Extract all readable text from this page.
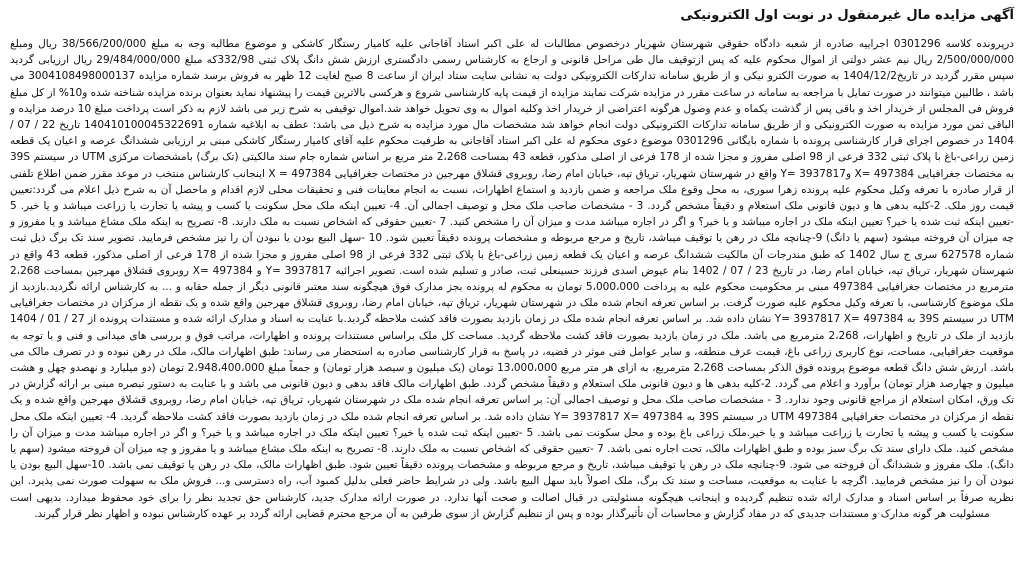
آگهی مزایده مال غیرمنقول در نوبت اول الکترونیکی

درپرونده کلاسه 0301296 اجراییه صادره از شعبه دادگاه حقوقی شهرستان شهریار درخصوص مطالبات له علی اکبر استاد آقاجانی علیه کامیار رستگار کاشکی و موضوع مطالبه وجه به مبلغ 38/566/200/000 ریال ومبلغ 2/500/000/000 ریال نیم عشر دولتی از اموال محکوم علیه که پس ازتوقیف مال طی مراحل قانونی و ارجاع به کارشناس رسمی دادگستری ارزش شش دانگ پلاک ثبتی 332/98که مبلغ 29/484/000/000 ریال ارزیابی گردید سپس مقرر گردید در تاریخ1404/12/2 به صورت الکترو نیکی و از طریق سامانه تدارکات الکترونیکی دولت به نشانی سایت ستاد ایران از ساعت 8 صبح لغایت 12 ظهر به فروش برسد شماره مزایده 3004108498000137 می باشد ، طالبین میتوانند در صورت تمایل با مراجعه به سامانه در ساعت مقرر در مزایده شرکت نمایند مزایده از قیمت پایه کارشناسی شروع و هرکسی بالاترین قیمت را پیشنهاد نماید بعنوان برنده مزایده شناخته شده و10% از کل مبلغ فروش فی المجلس از خریدار اخذ و باقی پس از گذشت یکماه و عدم وصول هرگونه اعتراضی از خریدار اخذ وکلیه اموال به وی تحویل خواهد شد.اموال توقیفی به شرح زیر می باشد لازم به ذکر است پرداخت مبلغ 10 درصد مزایده و الباقی ثمن مورد مزایده به صورت الکترونیکی و از طریق سامانه تدارکات الکترونیکی دولت انجام خواهد شد مشخصات مال مورد مزایده به شرح ذیل می باشد: عطف به ابلاغیه شماره 140410100045322691 تاریخ 22 / 07 / 1404 در خصوص اجرای قرار کارشناسی پرونده با شماره بایگانی 0301296 موضوع دعوی محکوم له علی اکبر استاد آقاجانی به طرفیت محکوم علیه آقای کامیار رستگار کاشکی مبنی بر ارزیابی ششدانگ عرصه و اعیان یک قطعه زمین زراعی-باغ با پلاک ثبتی 332 فرعی از 98 اصلی مفروز و مجزا شده از 178 فرعی از اصلی مذکور، قطعه 43 بمساحت 2،268 متر مربع بر اساس شماره جام سند مالکیتی (تک برگ) بامشخصات مرکزی UTM در سیستم 39S به مختصات جغرافیایی X= 497384 وY= 3937817 واقع در شهرستان شهریار، تریاق تپه، خیابان امام رضا، روبروی قشلاق مهرجین در مختصات جغرافیایی 497384 = X اینجانب کارشناس منتخب در موعد مقرر ضمن اطلاع تلفنی از قرار صادره با تعرفه وکیل محکوم علیه پرونده زهرا سوری، به محل وقوع ملک مراجعه و ضمن بازدید و استماع اظهارات، نسبت به انجام معاینات فنی و تحقیقات محلی لازم اقدام و ماحصل آن به شرح ذیل اعلام می گردد:تعیین قیمت روز ملک. 2-کلیه بدهی ها و دیون قانونی ملک استعلام و دقیقاً مشخص گردد. 3 - مشخصات صاحب ملک محل و توصیف اجمالی آن. 4- تعیین اینکه ملک محل سکونت یا کسب و پیشه یا تجارت یا زراعت میباشد و یا خیر. 5 -تعیین اینکه ثبت شده یا خیر؟ تعیین اینکه ملک در اجاره میباشد و یا خیر؟ و اگر در اجاره میباشد مدت و میزان آن را مشخص کنید. 7 -تعیین حقوقی که اشخاص نسبت به ملک دارند. 8- تصریح به اینکه ملک مشاع میباشد و یا مفروز و چه میزان آن فروخته میشود (سهم یا دانگ) 9-چنانچه ملک در رهن یا توقیف میباشد، تاریخ و مرجع مربوطه و مشخصات پرونده دقیقاً تعیین شود. 10 -سهل البیع بودن یا نبودن آن را نیز مشخص فرمایید. تصویر سند تک برگ ذیل ثبت شماره 627578 سری ج سال 1402 که طبق مندرجات آن مالکیت ششدانگ عرصه و اعیان یک قطعه زمین زراعی-باغ با پلاک ثبتی 332 فرعی از 98 اصلی مفروز و مجزا شده از 178 فرعی از اصلی مذکور، قطعه 43 واقع در شهرستان شهریار، تریاق تپه، خیابان امام رضا، در تاریخ 23 / 07 / 1402 بنام عیوض اسدی فرزند حسینعلی ثبت، صادر و تسلیم شده است. تصویر اجرائیه 3937817 =Y و X= 497384 روبروی قشلاق مهرجین بمساحت 2،268 مترمربع در مختصات جغرافیایی 497384 مبنی بر محکومیت محکوم علیه به پرداخت 5،000،000 تومان به محکوم له پرونده بجز مدارک فوق هیچگونه سند معتبر قانونی دیگر از جمله حقابه و ... به کارشناس ارائه نگردید.بازدید از ملک موضوع کارشناسی، با تعرفه وکیل محکوم علیه صورت گرفت. بر اساس تعرفه انجام شده ملک در شهرستان شهریار، تریاق تپه، خیابان امام رضا، روبروی قشلاق مهرجین واقع شده و یک نقطه از مرکزان در مختصات جغرافیایی UTM در سیستم 39S به Y= 3937817 X= 497384 نشان داده شد. بر اساس تعرفه انجام شده ملک در زمان بازدید بصورت فاقد کشت ملاحظه گردید.با عنایت به اسناد و مدارک ارائه شده و مستندات پرونده از 27 / 01 / 1404 بازدید از ملک در تاریخ و اظهارات، 2،268 مترمربع می باشد. ملک در زمان بازدید بصورت فاقد کشت ملاحظه گردید. مساحت کل ملک براساس مستندات پرونده و اظهارات، مراتب فوق و بررسی های میدانی و فنی و با توجه به موقعیت جغرافیایی، مساحت، نوع کاربری زراعی باغ، قیمت عرف منطقه، و سایر عوامل فنی موثر در قضیه، در پاسخ به قرار کارشناسی صادره به استحضار می رساند: طبق اظهارات مالک، ملک در رهن نبوده و در تصرف مالک می باشد. ارزش شش دانگ قطعه موضوع پرونده فوق الذکر بمساحت 2،268 مترمربع، به ازای هر متر مربع 13،000،000 تومان (یک میلیون و سیصد هزار تومان) و جمعاً مبلغ 2،948،400،000 تومان (دو میلیارد و نهصدو چهل و هشت میلیون و چهارصد هزار تومان) برآورد و اعلام می گردد. 2-کلیه بدهی ها و دیون قانونی ملک استعلام و دقیقاً مشخص گردد. طبق اظهارات مالک فاقد بدهی و دیون قانونی می باشد و با عنایت به دستور تبصره مبنی بر ارائه گزارش در تک ورق، امکان استعلام از مراجع قانونی وجود ندارد. 3 - مشخصات صاحب ملک محل و توصیف اجمالی آن: بر اساس تعرفه انجام شده ملک در شهرستان شهریار، تریاق تپه، خیابان امام رضا، روبروی قشلاق مهرجین واقع شده و یک نقطه از مرکزان در مختصات جغرافیایی 497384 UTM در سیستم 39S به Y= 3937817 X= 497384 نشان داده شد. بر اساس تعرفه انجام شده ملک در زمان بازدید بصورت فاقد کشت ملاحظه گردید. 4- تعیین اینکه ملک محل سکونت یا کسب و پیشه یا تجارت یا زراعت میباشد و یا خیر.ملک زراعی باغ بوده و محل سکونت نمی باشد. 5 -تعیین اینکه ثبت شده یا خیر؟ تعیین اینکه ملک در اجاره میباشد و یا خیر؟ و اگر در اجاره میباشد مدت و میزان آن را مشخص کنید. ملک دارای سند تک برگ سبز بوده و طبق اظهارات مالک، تحت اجاره نمی باشد. 7 -تعیین حقوقی که اشخاص نسبت به ملک دارند. 8- تصریح به اینکه ملک مشاع میباشد و یا مفروز و چه میزان آن فروخته میشود (سهم یا دانگ). ملک مفروز و ششدانگ آن فروخته می شود. 9-چنانچه ملک در رهن یا توقیف میباشد، تاریخ و مرجع مربوطه و مشخصات پرونده دقیقاً تعیین شود. طبق اظهارات مالک، ملک در رهن یا توقیف نمی باشد. 10-سهل البیع بودن یا نبودن آن را نیز مشخص فرمایید. اگرچه با عنایت به موقعیت، مساحت و سند تک برگ، ملک اصولاً باید سهل البیع باشد. ولی در شرایط حاضر فعلی بدلیل کمبود آب، راه دسترسی و... فروش ملک به سهولت صورت نمی پذیرد. این نظریه صرفاً بر اساس اسناد و مدارک ارائه شده تنظیم گردیده و اینجانب هیچگونه مسئولیتی در قبال اصالت و صحت آنها ندارد. در صورت ارائه مدارک جدید، کارشناس حق تجدید نظر را برای خود محفوظ میدارد. بدیهی است مسئولیت هر گونه مدارک و مستندات جدیدی که در مفاد گزارش و محاسبات آن تأثیرگذار بوده و پس از تنظیم گزارش از سوی طرفین به آن مرجع محترم قضایی ارائه گردد بر عهده کارشناس نبوده و اظهار نظر قرار گیرند.
